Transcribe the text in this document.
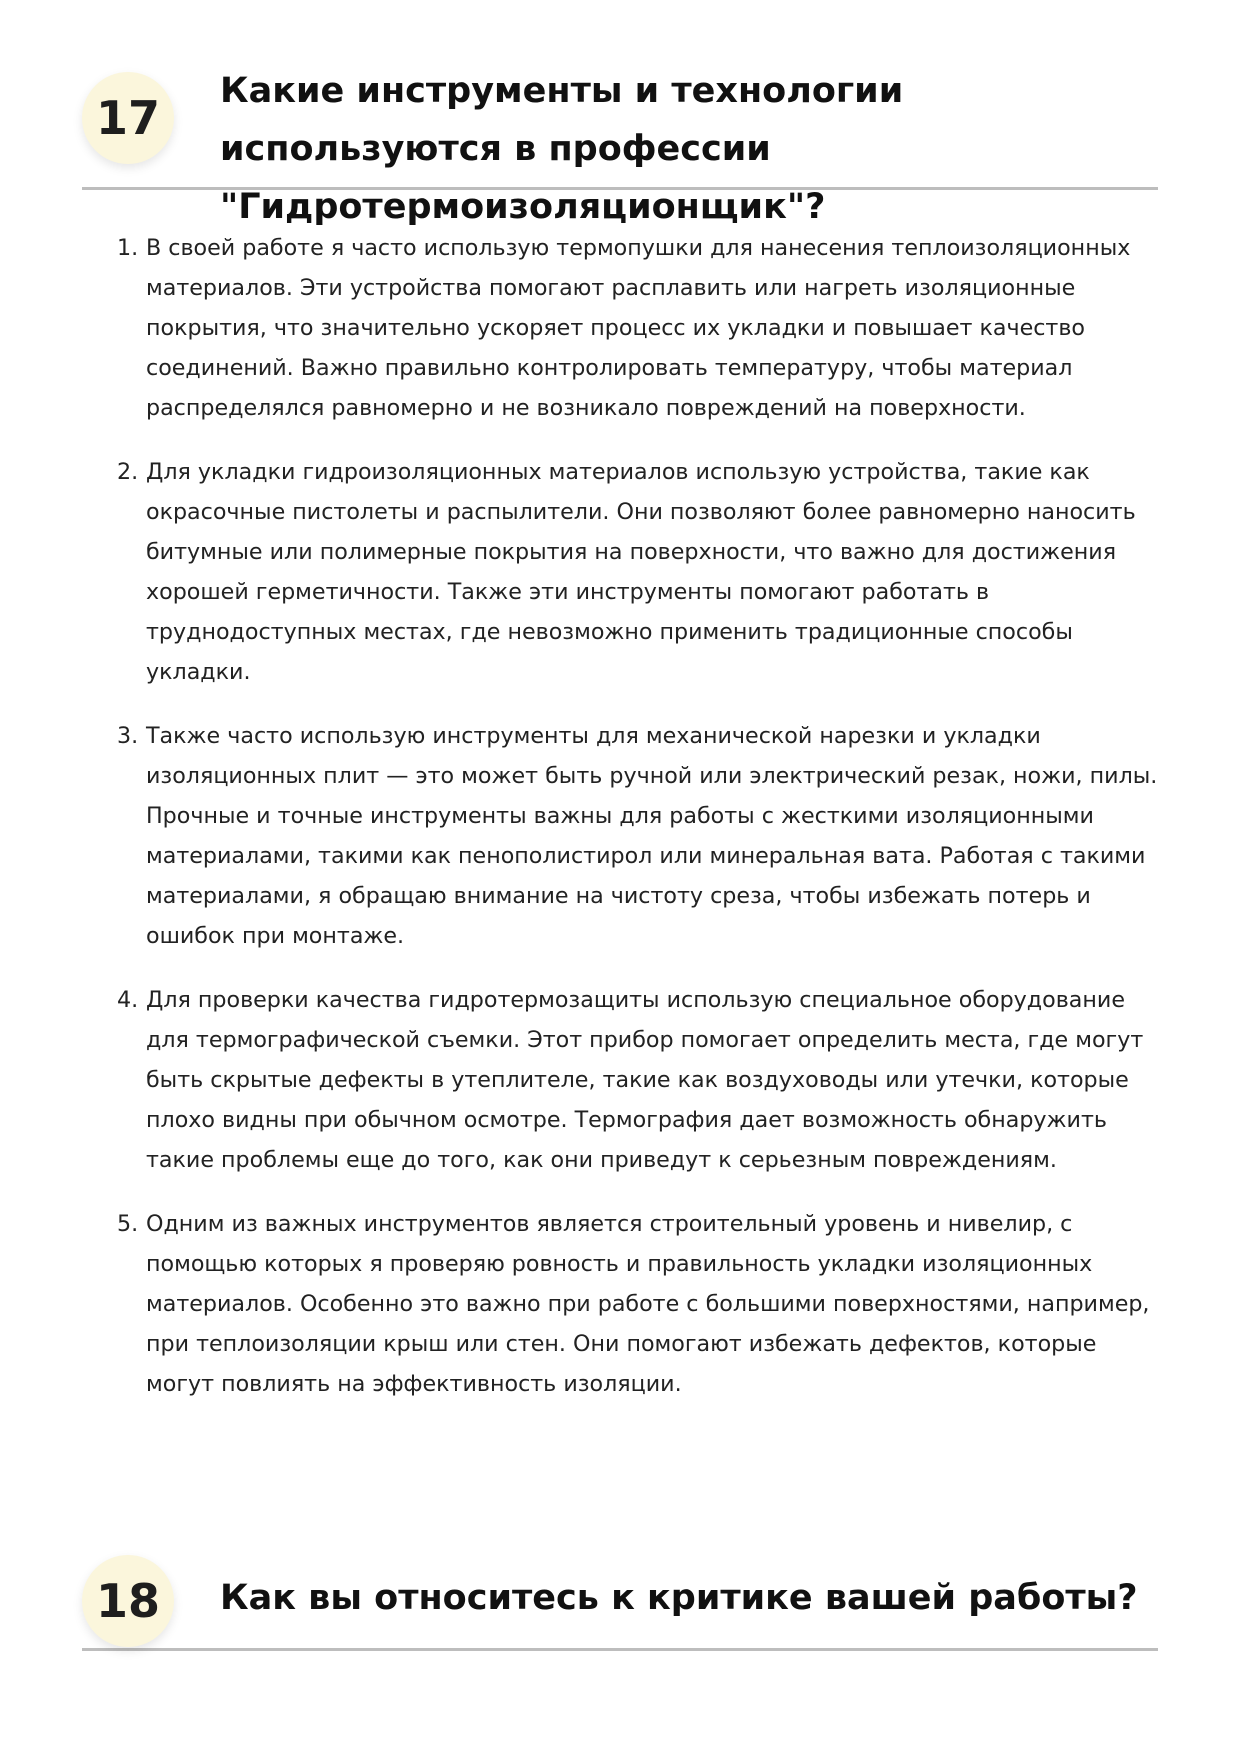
17	Какие инструменты и технологии используются в профессии "Гидротермоизоляционщик"?
1. В своей работе я часто использую термопушки для нанесения теплоизоляционных материалов. Эти устройства помогают расплавить или нагреть изоляционные покрытия, что значительно ускоряет процесс их укладки и повышает качество соединений. Важно правильно контролировать температуру, чтобы материал распределялся равномерно и не возникало повреждений на поверхности.
2. Для укладки гидроизоляционных материалов использую устройства, такие как окрасочные пистолеты и распылители. Они позволяют более равномерно наносить битумные или полимерные покрытия на поверхности, что важно для достижения хорошей герметичности. Также эти инструменты помогают работать в труднодоступных местах, где невозможно применить традиционные способы укладки.
3. Также часто использую инструменты для механической нарезки и укладки изоляционных плит — это может быть ручной или электрический резак, ножи, пилы. Прочные и точные инструменты важны для работы с жесткими изоляционными материалами, такими как пенополистирол или минеральная вата. Работая с такими материалами, я обращаю внимание на чистоту среза, чтобы избежать потерь и ошибок при монтаже.
4. Для проверки качества гидротермозащиты использую специальное оборудование для термографической съемки. Этот прибор помогает определить места, где могут быть скрытые дефекты в утеплителе, такие как воздуховоды или утечки, которые плохо видны при обычном осмотре. Термография дает возможность обнаружить такие проблемы еще до того, как они приведут к серьезным повреждениям.
5. Одним из важных инструментов является строительный уровень и нивелир, с помощью которых я проверяю ровность и правильность укладки изоляционных материалов. Особенно это важно при работе с большими поверхностями, например, при теплоизоляции крыш или стен. Они помогают избежать дефектов, которые могут повлиять на эффективность изоляции.
18	Как вы относитесь к критике вашей работы?
